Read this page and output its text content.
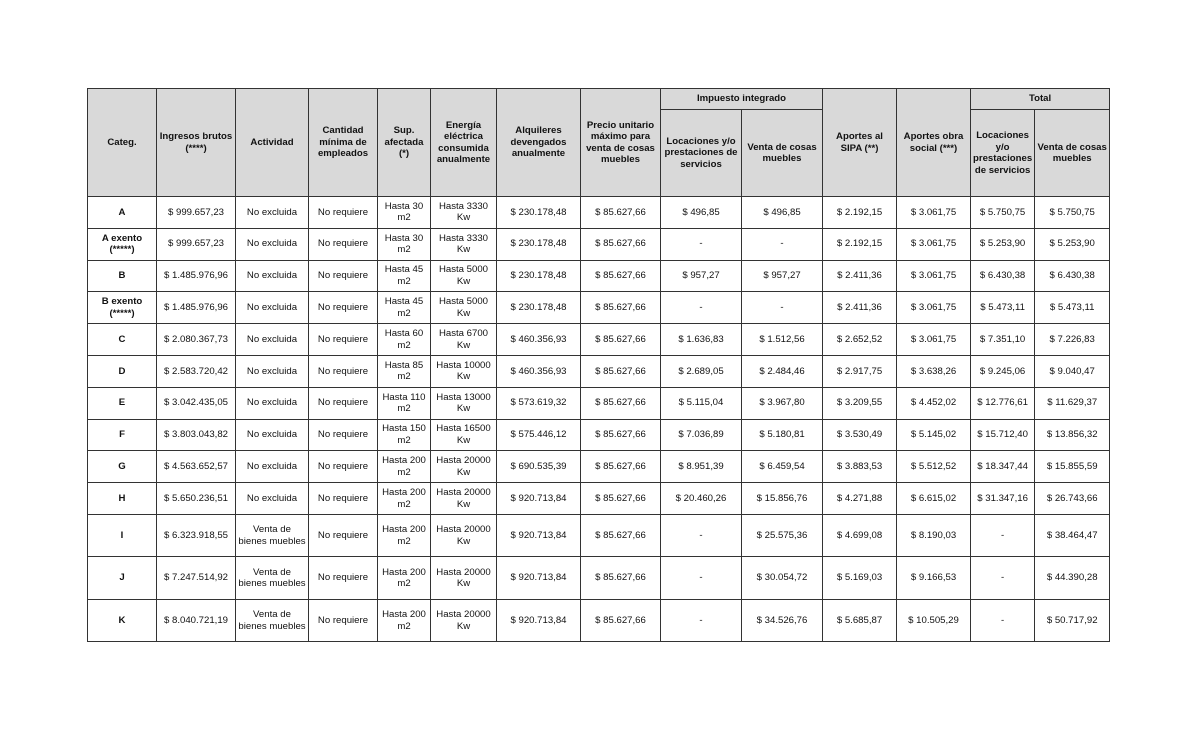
Categ.	Ingresos brutos (****)	Actividad	Cantidad mínima de empleados	Sup. afectada (*)	Energía eléctrica consumida anualmente	Alquileres devengados anualmente	Precio unitario máximo para venta de cosas muebles	Impuesto integrado		Aportes al SIPA (**)	Aportes obra social (***)	Total	
								Locaciones y/o prestaciones de servicios	Venta de cosas muebles			Locaciones y/o prestaciones de servicios	Venta de cosas muebles
A	$ 999.657,23	No excluida	No requiere	Hasta 30 m2	Hasta 3330 Kw	$ 230.178,48	$ 85.627,66	$ 496,85	$ 496,85	$ 2.192,15	$ 3.061,75	$ 5.750,75	$ 5.750,75
A exento (*****)	$ 999.657,23	No excluida	No requiere	Hasta 30 m2	Hasta 3330 Kw	$ 230.178,48	$ 85.627,66	-	-	$ 2.192,15	$ 3.061,75	$ 5.253,90	$ 5.253,90
B	$ 1.485.976,96	No excluida	No requiere	Hasta 45 m2	Hasta 5000 Kw	$ 230.178,48	$ 85.627,66	$ 957,27	$ 957,27	$ 2.411,36	$ 3.061,75	$ 6.430,38	$ 6.430,38
B exento (*****)	$ 1.485.976,96	No excluida	No requiere	Hasta 45 m2	Hasta 5000 Kw	$ 230.178,48	$ 85.627,66	-	-	$ 2.411,36	$ 3.061,75	$ 5.473,11	$ 5.473,11
C	$ 2.080.367,73	No excluida	No requiere	Hasta 60 m2	Hasta 6700 Kw	$ 460.356,93	$ 85.627,66	$ 1.636,83	$ 1.512,56	$ 2.652,52	$ 3.061,75	$ 7.351,10	$ 7.226,83
D	$ 2.583.720,42	No excluida	No requiere	Hasta 85 m2	Hasta 10000 Kw	$ 460.356,93	$ 85.627,66	$ 2.689,05	$ 2.484,46	$ 2.917,75	$ 3.638,26	$ 9.245,06	$ 9.040,47
E	$ 3.042.435,05	No excluida	No requiere	Hasta 110 m2	Hasta 13000 Kw	$ 573.619,32	$ 85.627,66	$ 5.115,04	$ 3.967,80	$ 3.209,55	$ 4.452,02	$ 12.776,61	$ 11.629,37
F	$ 3.803.043,82	No excluida	No requiere	Hasta 150 m2	Hasta 16500 Kw	$ 575.446,12	$ 85.627,66	$ 7.036,89	$ 5.180,81	$ 3.530,49	$ 5.145,02	$ 15.712,40	$ 13.856,32
G	$ 4.563.652,57	No excluida	No requiere	Hasta 200 m2	Hasta 20000 Kw	$ 690.535,39	$ 85.627,66	$ 8.951,39	$ 6.459,54	$ 3.883,53	$ 5.512,52	$ 18.347,44	$ 15.855,59
H	$ 5.650.236,51	No excluida	No requiere	Hasta 200 m2	Hasta 20000 Kw	$ 920.713,84	$ 85.627,66	$ 20.460,26	$ 15.856,76	$ 4.271,88	$ 6.615,02	$ 31.347,16	$ 26.743,66
I	$ 6.323.918,55	Venta de bienes muebles	No requiere	Hasta 200 m2	Hasta 20000 Kw	$ 920.713,84	$ 85.627,66	-	$ 25.575,36	$ 4.699,08	$ 8.190,03	-	$ 38.464,47
J	$ 7.247.514,92	Venta de bienes muebles	No requiere	Hasta 200 m2	Hasta 20000 Kw	$ 920.713,84	$ 85.627,66	-	$ 30.054,72	$ 5.169,03	$ 9.166,53	-	$ 44.390,28
K	$ 8.040.721,19	Venta de bienes muebles	No requiere	Hasta 200 m2	Hasta 20000 Kw	$ 920.713,84	$ 85.627,66	-	$ 34.526,76	$ 5.685,87	$ 10.505,29	-	$ 50.717,92
